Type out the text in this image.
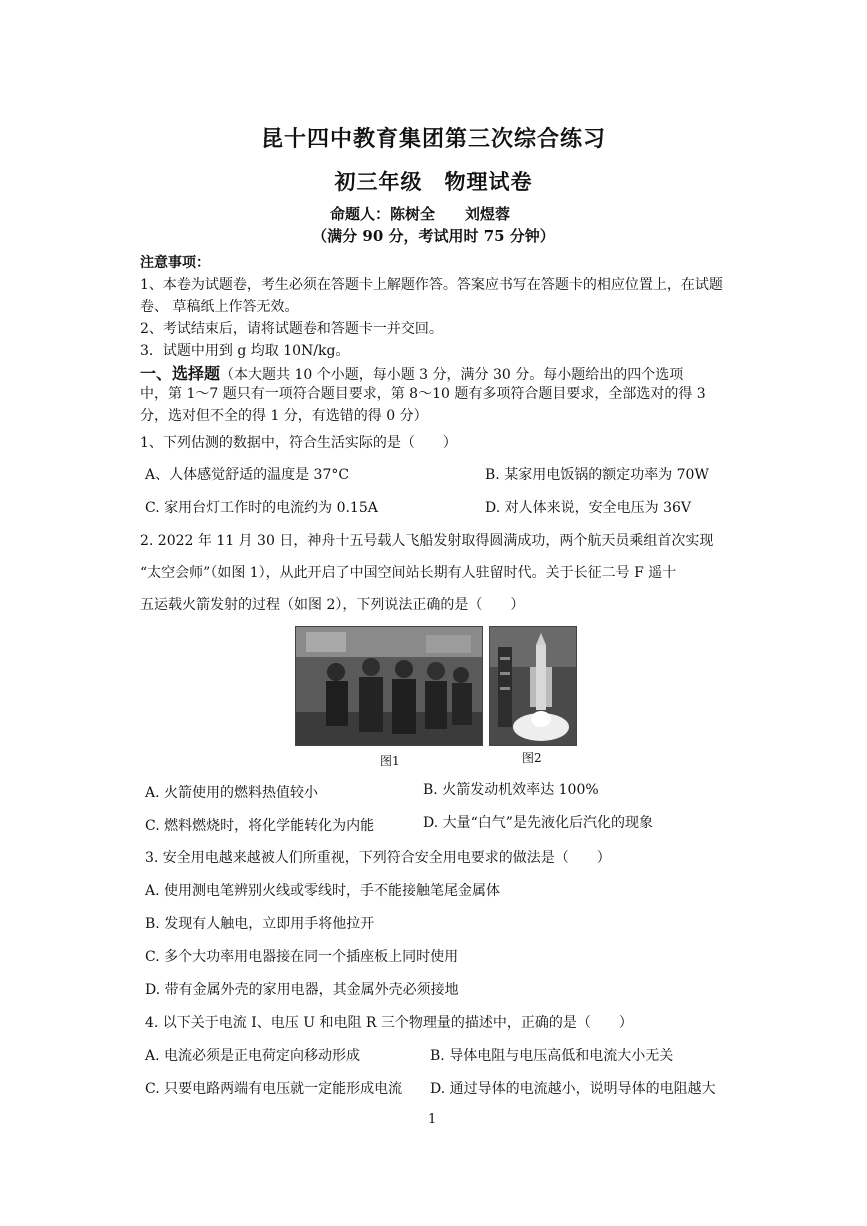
昆十四中教育集团第三次综合练习
初三年级　物理试卷
命题人：陈树全 刘煜蓉
（满分 90 分，考试用时 75 分钟）
注意事项：
1、本卷为试题卷，考生必须在答题卡上解题作答。答案应书写在答题卡的相应位置上，在试题
卷、 草稿纸上作答无效。
2、考试结束后，请将试题卷和答题卡一并交回。
3．试题中用到 g 均取 10N/kg。
一、选择题（本大题共 10 个小题，每小题 3 分，满分 30 分。每小题给出的四个选项
中，第 1～7 题只有一项符合题目要求，第 8～10 题有多项符合题目要求，全部选对的得 3
分，选对但不全的得 1 分，有选错的得 0 分）
1、下列估测的数据中，符合生活实际的是（　　）
A、人体感觉舒适的温度是 37°C	B. 某家用电饭锅的额定功率为 70W
C. 家用台灯工作时的电流约为 0.15A	D. 对人体来说，安全电压为 36V
2. 2022 年 11 月 30 日，神舟十五号载人飞船发射取得圆满成功，两个航天员乘组首次实现
“太空会师”（如图 1），从此开启了中国空间站长期有人驻留时代。关于长征二号 F 遥十
五运载火箭发射的过程（如图 2），下列说法正确的是（　　）
图1	图2
A. 火箭使用的燃料热值较小	B. 火箭发动机效率达 100%
C. 燃料燃烧时，将化学能转化为内能	D. 大量“白气”是先液化后汽化的现象
3. 安全用电越来越被人们所重视，下列符合安全用电要求的做法是（　　）
A. 使用测电笔辨别火线或零线时，手不能接触笔尾金属体
B. 发现有人触电，立即用手将他拉开
C. 多个大功率用电器接在同一个插座板上同时使用
D. 带有金属外壳的家用电器，其金属外壳必须接地
4. 以下关于电流 I、电压 U 和电阻 R 三个物理量的描述中，正确的是（　　）
A. 电流必须是正电荷定向移动形成	B. 导体电阻与电压高低和电流大小无关
C. 只要电路两端有电压就一定能形成电流 D. 通过导体的电流越小，说明导体的电阻越大
1
